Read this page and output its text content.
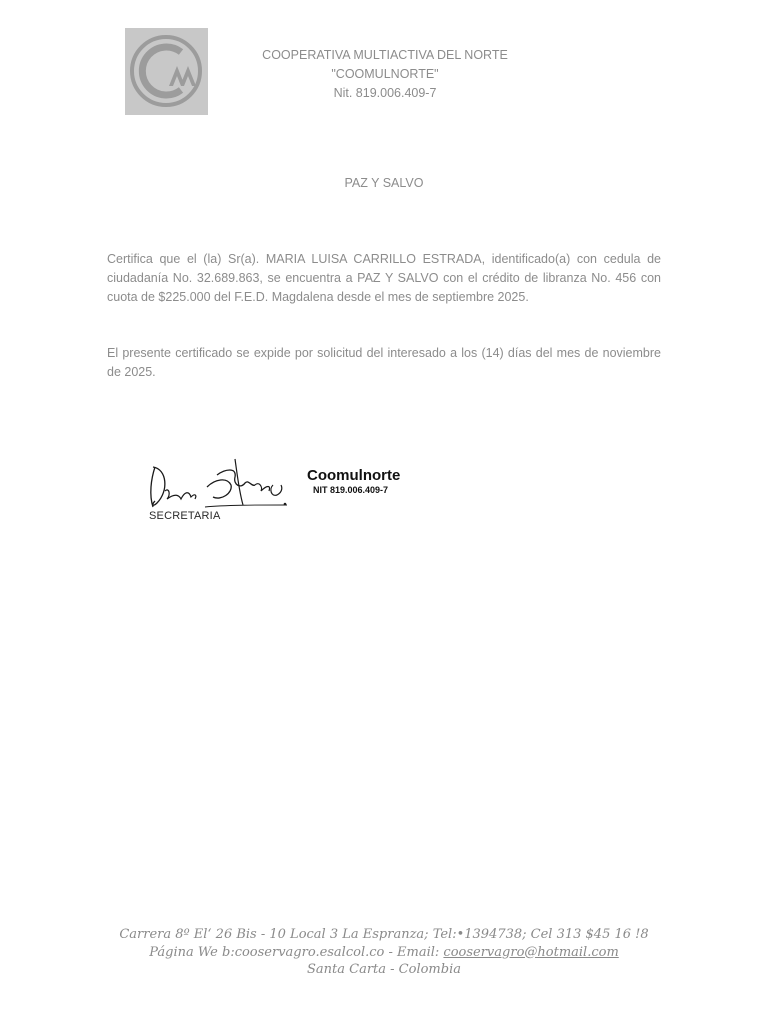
COOPERATIVA MULTIACTIVA DEL NORTE
"COOMULNORTE"
Nit. 819.006.409-7
PAZ Y SALVO
Certifica que el (la) Sr(a). MARIA LUISA CARRILLO ESTRADA, identificado(a) con cedula de ciudadanía No. 32.689.863, se encuentra a PAZ Y SALVO con el crédito de libranza No. 456 con cuota de $225.000 del F.E.D. Magdalena desde el mes de septiembre 2025.
El presente certificado se expide por solicitud del interesado a los (14) días del mes de noviembre de 2025.
SECRETARIA
Coomulnorte
NIT 819.006.409-7
Carrera 8º El‘ 26 Bis - 10 Local 3 La Espranza; Tel:•1394738; Cel 313 $45 16 !8
Página We b:cooservagro.esalcol.co - Email: cooservagro@hotmail.com
Santa Carta - Colombia
